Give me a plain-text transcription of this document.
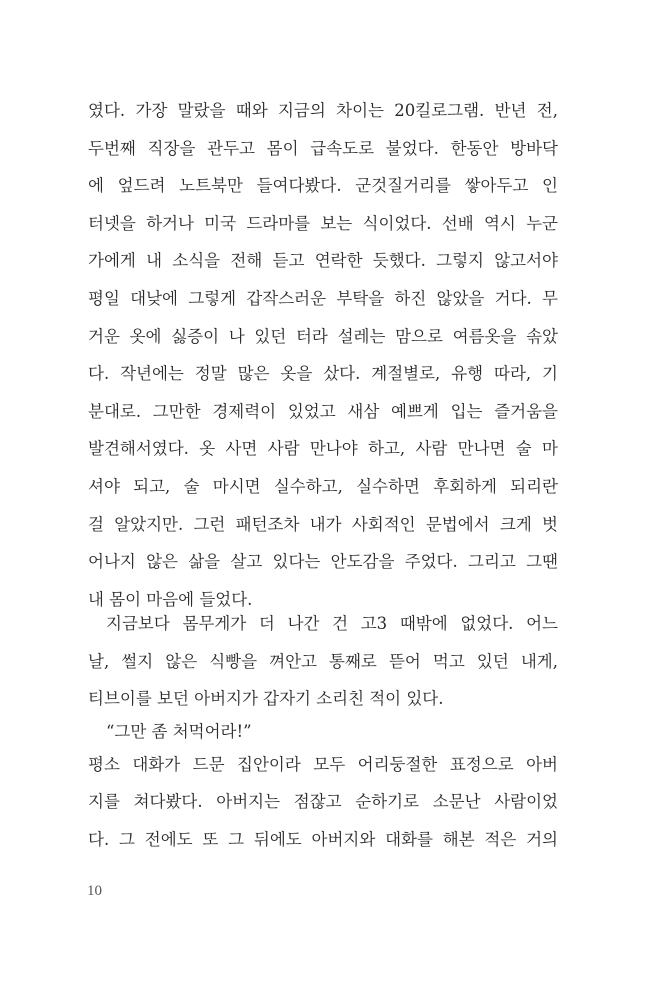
였다. 가장 말랐을 때와 지금의 차이는 20킬로그램. 반년 전,
두번째 직장을 관두고 몸이 급속도로 불었다. 한동안 방바닥
에 엎드려 노트북만 들여다봤다. 군것질거리를 쌓아두고 인
터넷을 하거나 미국 드라마를 보는 식이었다. 선배 역시 누군
가에게 내 소식을 전해 듣고 연락한 듯했다. 그렇지 않고서야
평일 대낮에 그렇게 갑작스러운 부탁을 하진 않았을 거다. 무
거운 옷에 싫증이 나 있던 터라 설레는 맘으로 여름옷을 솎았
다. 작년에는 정말 많은 옷을 샀다. 계절별로, 유행 따라, 기
분대로. 그만한 경제력이 있었고 새삼 예쁘게 입는 즐거움을
발견해서였다. 옷 사면 사람 만나야 하고, 사람 만나면 술 마
셔야 되고, 술 마시면 실수하고, 실수하면 후회하게 되리란
걸 알았지만. 그런 패턴조차 내가 사회적인 문법에서 크게 벗
어나지 않은 삶을 살고 있다는 안도감을 주었다. 그리고 그땐
내 몸이 마음에 들었다.
지금보다 몸무게가 더 나간 건 고3 때밖에 없었다. 어느
날, 썰지 않은 식빵을 껴안고 통째로 뜯어 먹고 있던 내게,
티브이를 보던 아버지가 갑자기 소리친 적이 있다.
“그만 좀 처먹어라!”
평소 대화가 드문 집안이라 모두 어리둥절한 표정으로 아버
지를 쳐다봤다. 아버지는 점잖고 순하기로 소문난 사람이었
다. 그 전에도 또 그 뒤에도 아버지와 대화를 해본 적은 거의
10
